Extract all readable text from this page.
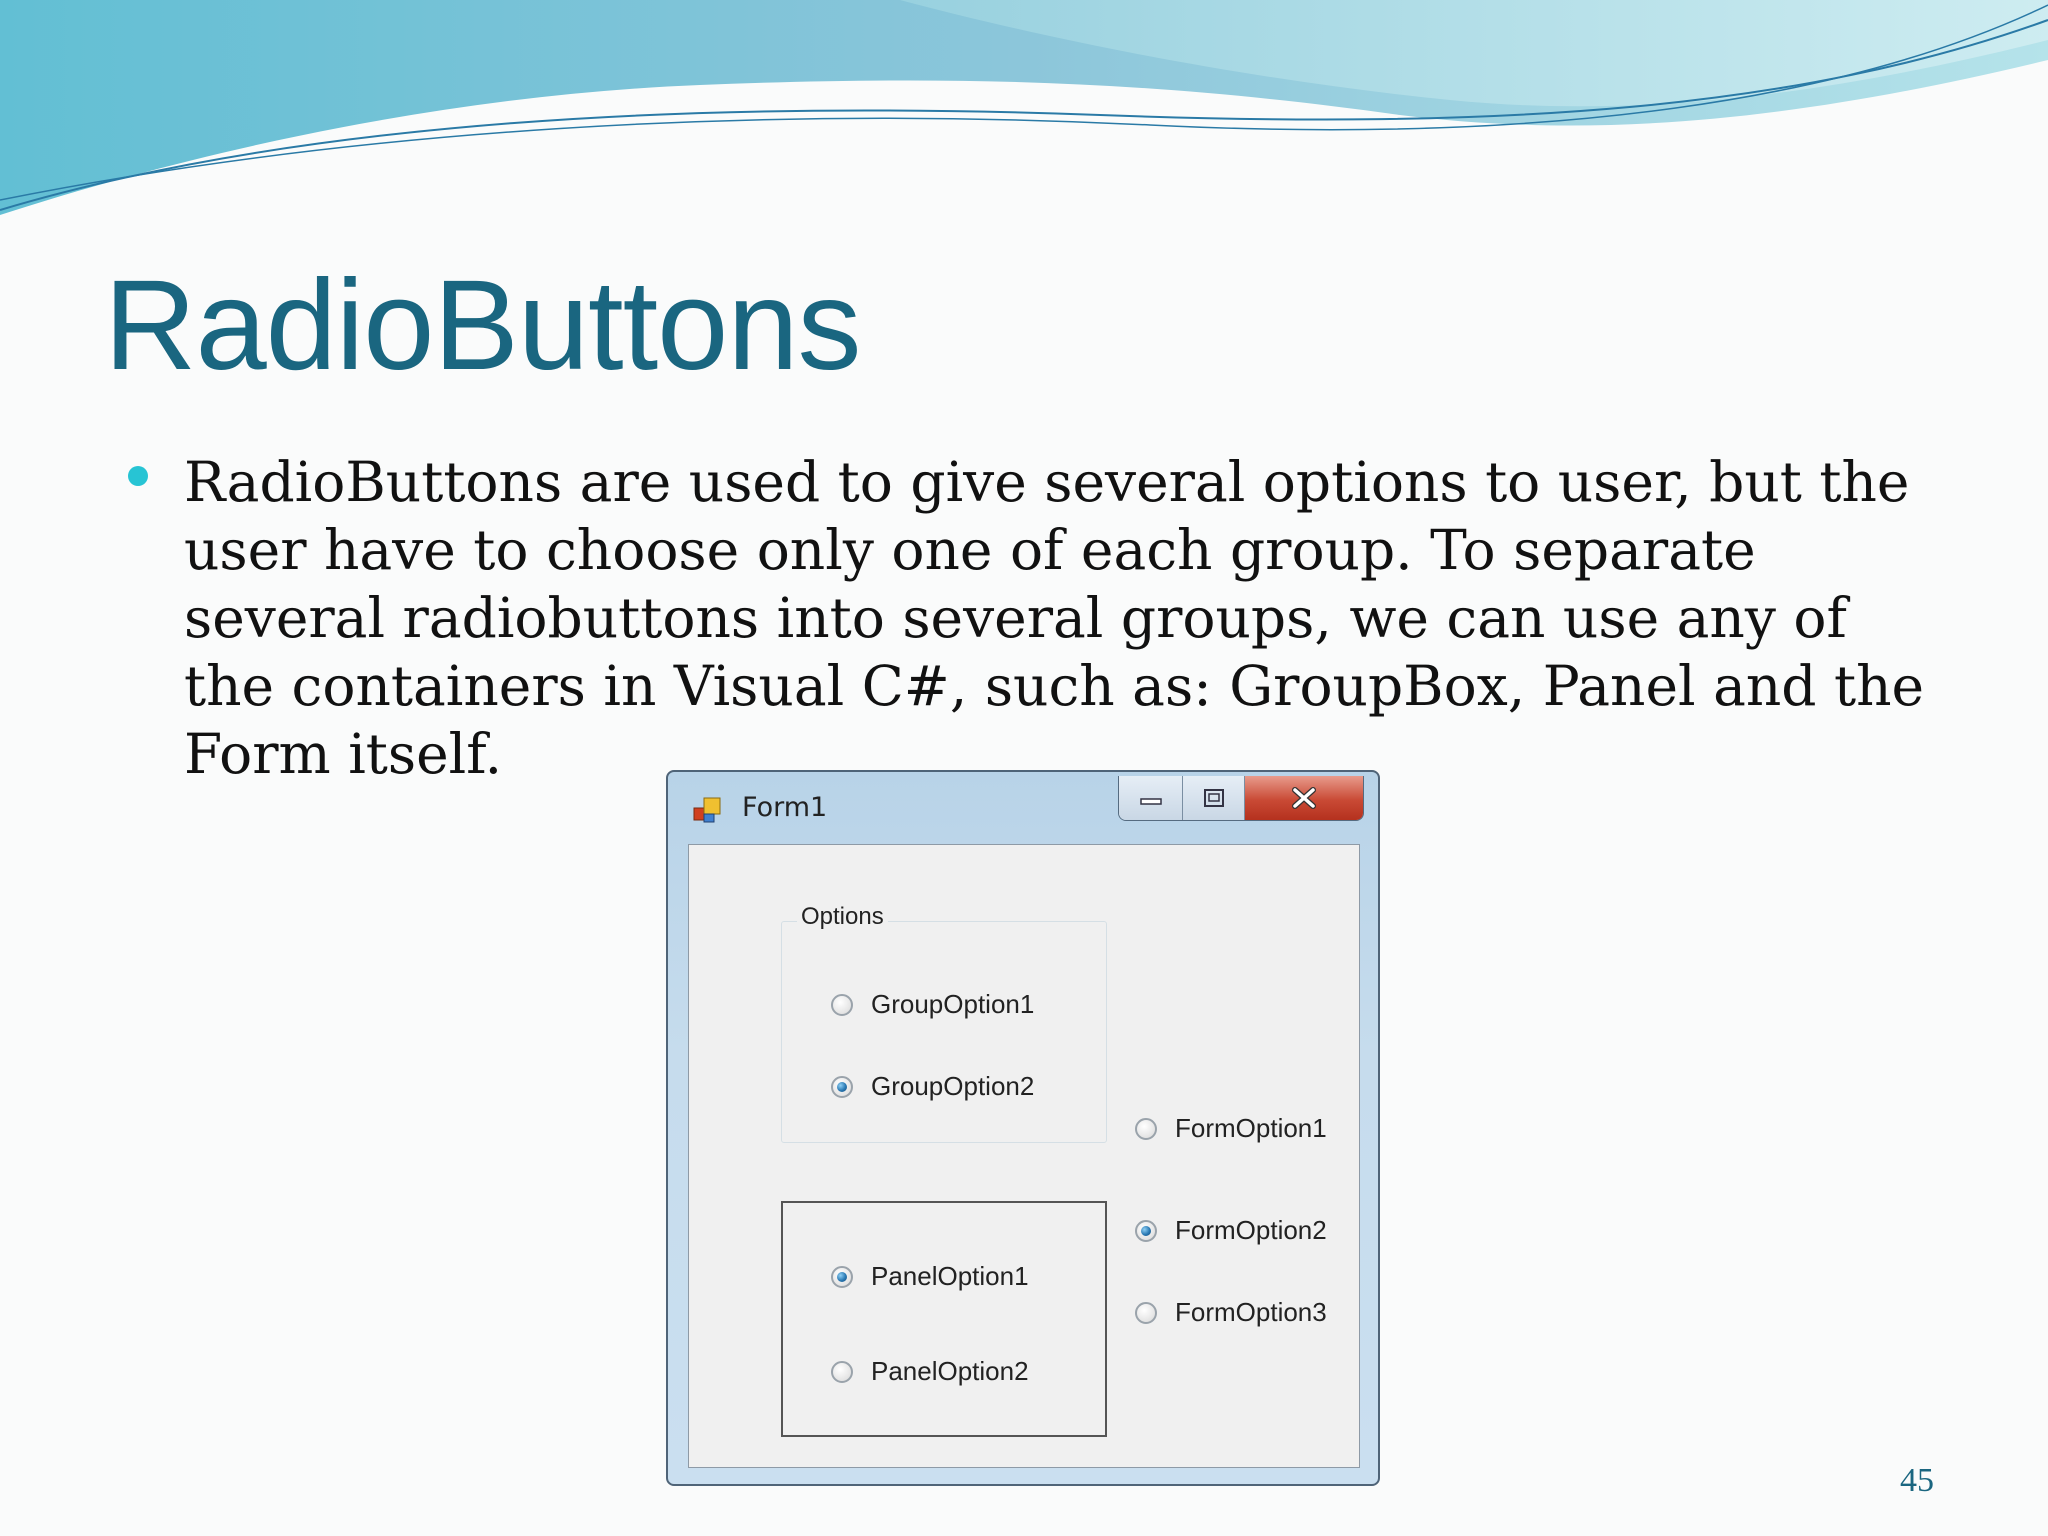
RadioButtons
RadioButtons are used to give several options to user, but the user have to choose only one of each group. To separate several radiobuttons into several groups, we can use any of the containers in Visual C#, such as: GroupBox, Panel and the Form itself.
Form1
Options
GroupOption1
GroupOption2
PanelOption1
PanelOption2
FormOption1
FormOption2
FormOption3
45
